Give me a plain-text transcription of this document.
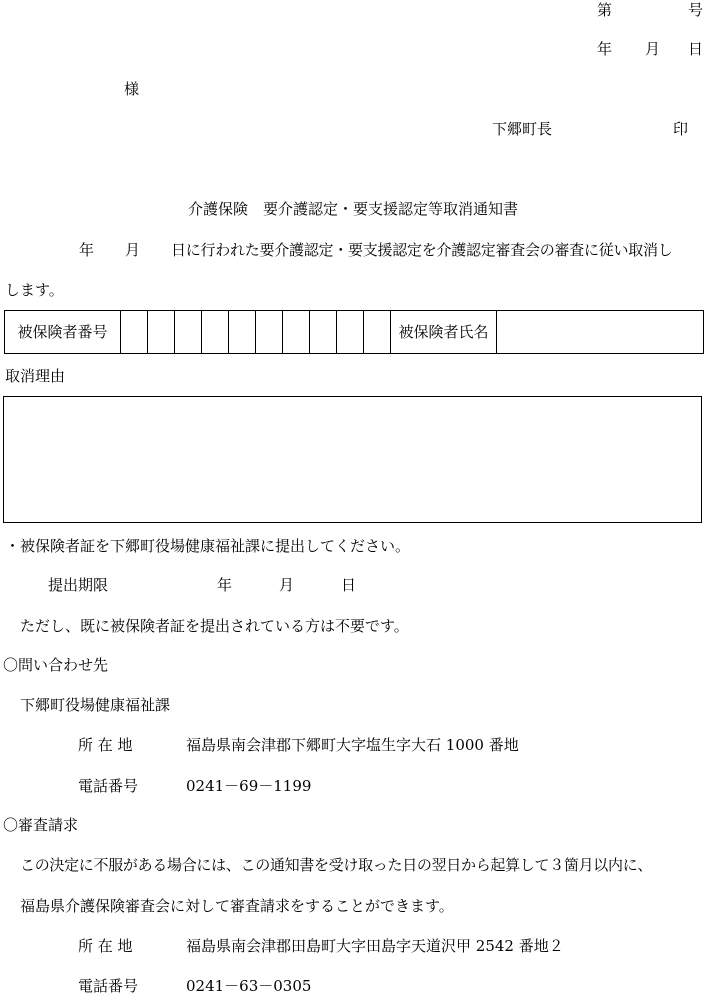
第	号
年 月 日
様
下郷町長	印
介護保険　要介護認定・要支援認定等取消通知書
年 月 日に行われた要介護認定・要支援認定を介護認定審査会の審査に従い取消し
します。
被保険者番号											被保険者氏名	
取消理由
・被保険者証を下郷町役場健康福祉課に提出してください。
提出期限	年	月	日
ただし、既に被保険者証を提出されている方は不要です。
〇問い合わせ先
下郷町役場健康福祉課
所 在 地	福島県南会津郡下郷町大字塩生字大石 1000 番地
電話番号	0241－69－1199
〇審査請求
この決定に不服がある場合には、この通知書を受け取った日の翌日から起算して３箇月以内に、
福島県介護保険審査会に対して審査請求をすることができます。
所 在 地	福島県南会津郡田島町大字田島字天道沢甲 2542 番地２
電話番号	0241－63－0305
